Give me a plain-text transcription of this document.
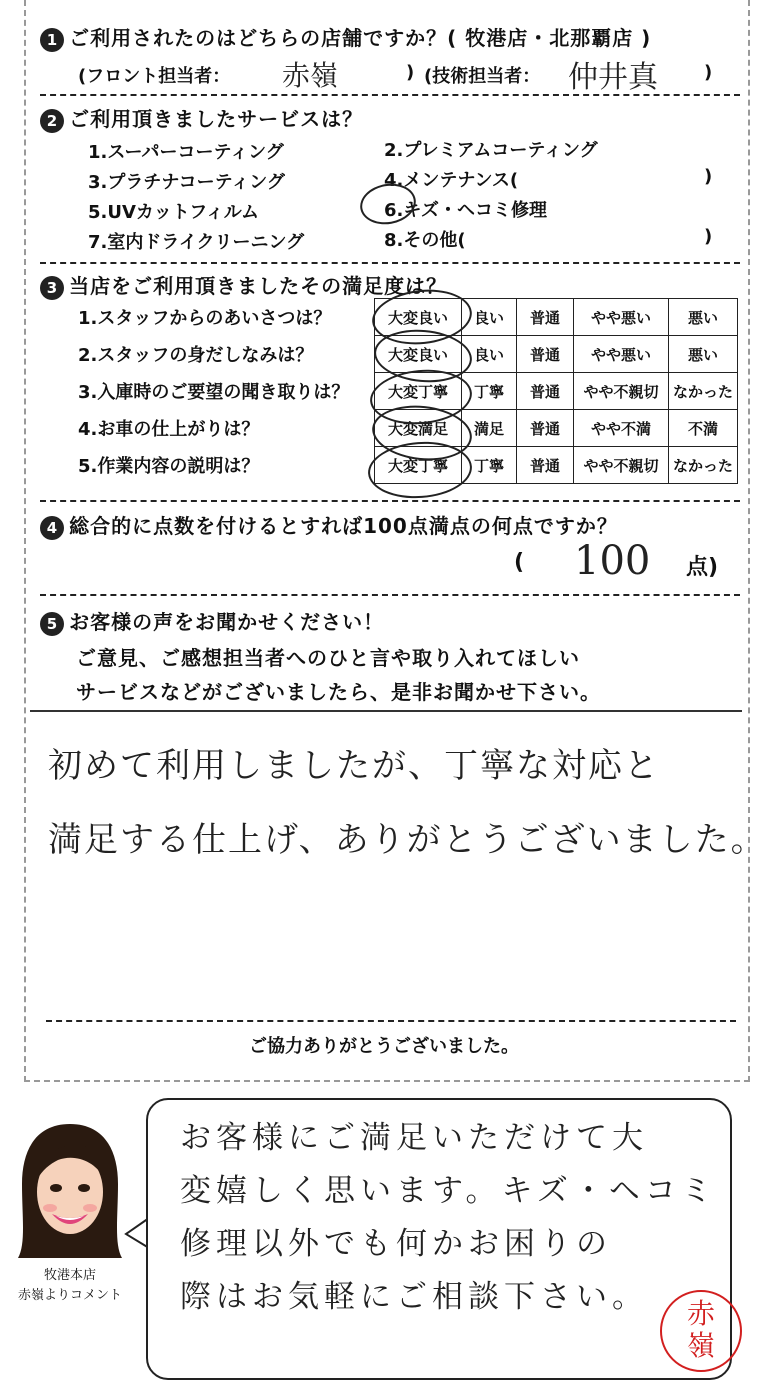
1 ご利用されたのはどちらの店舗ですか？( 牧港店・北那覇店 )
(フロント担当者： 赤嶺	) (技術担当者： 仲井真	)
2 ご利用頂きましたサービスは？
1.スーパーコーティング	2.プレミアムコーティング
3.プラチナコーティング	4.メンテナンス(	)
5.UVカットフィルム	6.キズ・ヘコミ修理
7.室内ドライクリーニング	8.その他(	)
3 当店をご利用頂きましたその満足度は？
1.スタッフからのあいさつは？	大変良い	良い	普通	やや悪い	悪い
2.スタッフの身だしなみは？	大変良い	良い	普通	やや悪い	悪い
3.入庫時のご要望の聞き取りは？	大変丁寧	丁寧	普通	やや不親切	なかった
4.お車の仕上がりは？	大変満足	満足	普通	やや不満	不満
5.作業内容の説明は？	大変丁寧	丁寧	普通	やや不親切	なかった
4 総合的に点数を付けるとすれば100点満点の何点ですか？
( 100 点)
5 お客様の声をお聞かせください！
ご意見、ご感想担当者へのひと言や取り入れてほしい
サービスなどがございましたら、是非お聞かせ下さい。
初めて利用しましたが、丁寧な対応と
満足する仕上げ、ありがとうございました。
ご協力ありがとうございました。
牧港本店
赤嶺よりコメント
お客様にご満足いただけて大
変嬉しく思います。キズ・ヘコミ
修理以外でも何かお困りの
際はお気軽にご相談下さい。	赤嶺
